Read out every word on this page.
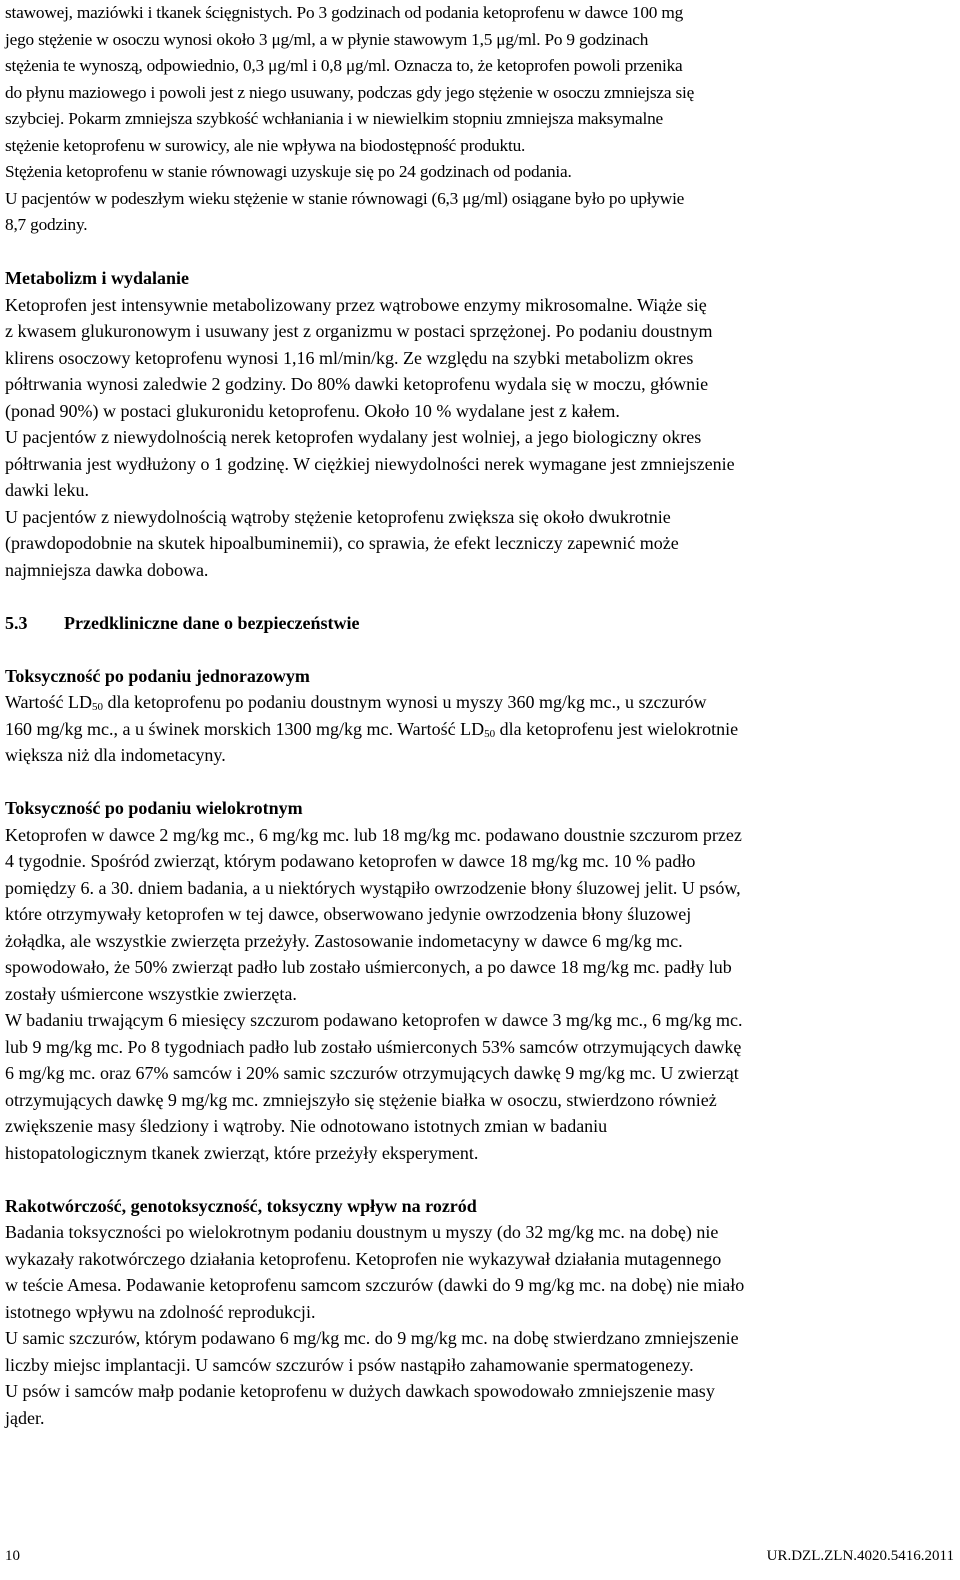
stawowej, maziówki i tkanek ścięgnistych. Po 3 godzinach od podania ketoprofenu w dawce 100 mg
jego stężenie w osoczu wynosi około 3 μg/ml, a w płynie stawowym 1,5 μg/ml. Po 9 godzinach
stężenia te wynoszą, odpowiednio, 0,3 μg/ml i 0,8 μg/ml. Oznacza to, że ketoprofen powoli przenika
do płynu maziowego i powoli jest z niego usuwany, podczas gdy jego stężenie w osoczu zmniejsza się
szybciej. Pokarm zmniejsza szybkość wchłaniania i w niewielkim stopniu zmniejsza maksymalne
stężenie ketoprofenu w surowicy, ale nie wpływa na biodostępność produktu.
Stężenia ketoprofenu w stanie równowagi uzyskuje się po 24 godzinach od podania.
U pacjentów w podeszłym wieku stężenie w stanie równowagi (6,3 μg/ml) osiągane było po upływie
8,7 godziny.
Metabolizm i wydalanie
Ketoprofen jest intensywnie metabolizowany przez wątrobowe enzymy mikrosomalne. Wiąże się
z kwasem glukuronowym i usuwany jest z organizmu w postaci sprzężonej. Po podaniu doustnym
klirens osoczowy ketoprofenu wynosi 1,16 ml/min/kg. Ze względu na szybki metabolizm okres
półtrwania wynosi zaledwie 2 godziny. Do 80% dawki ketoprofenu wydala się w moczu, głównie
(ponad 90%) w postaci glukuronidu ketoprofenu. Około 10 % wydalane jest z kałem.
U pacjentów z niewydolnością nerek ketoprofen wydalany jest wolniej, a jego biologiczny okres
półtrwania jest wydłużony o 1 godzinę. W ciężkiej niewydolności nerek wymagane jest zmniejszenie
dawki leku.
U pacjentów z niewydolnością wątroby stężenie ketoprofenu zwiększa się około dwukrotnie
(prawdopodobnie na skutek hipoalbuminemii), co sprawia, że efekt leczniczy zapewnić może
najmniejsza dawka dobowa.
5.3 Przedkliniczne dane o bezpieczeństwie
Toksyczność po podaniu jednorazowym
Wartość $LD_{50}$ dla ketoprofenu po podaniu doustnym wynosi u myszy 360 mg/kg mc., u szczurów
160 mg/kg mc., a u świnek morskich 1300 mg/kg mc. Wartość $LD_{50}$ dla ketoprofenu jest wielokrotnie
większa niż dla indometacyny.
Toksyczność po podaniu wielokrotnym
Ketoprofen w dawce 2 mg/kg mc., 6 mg/kg mc. lub 18 mg/kg mc. podawano doustnie szczurom przez
4 tygodnie. Spośród zwierząt, którym podawano ketoprofen w dawce 18 mg/kg mc. 10 % padło
pomiędzy 6. a 30. dniem badania, a u niektórych wystąpiło owrzodzenie błony śluzowej jelit. U psów,
które otrzymywały ketoprofen w tej dawce, obserwowano jedynie owrzodzenia błony śluzowej
żołądka, ale wszystkie zwierzęta przeżyły. Zastosowanie indometacyny w dawce 6 mg/kg mc.
spowodowało, że 50% zwierząt padło lub zostało uśmierconych, a po dawce 18 mg/kg mc. padły lub
zostały uśmiercone wszystkie zwierzęta.
W badaniu trwającym 6 miesięcy szczurom podawano ketoprofen w dawce 3 mg/kg mc., 6 mg/kg mc.
lub 9 mg/kg mc. Po 8 tygodniach padło lub zostało uśmierconych 53% samców otrzymujących dawkę
6 mg/kg mc. oraz 67% samców i 20% samic szczurów otrzymujących dawkę 9 mg/kg mc. U zwierząt
otrzymujących dawkę 9 mg/kg mc. zmniejszyło się stężenie białka w osoczu, stwierdzono również
zwiększenie masy śledziony i wątroby. Nie odnotowano istotnych zmian w badaniu
histopatologicznym tkanek zwierząt, które przeżyły eksperyment.
Rakotwórczość, genotoksyczność, toksyczny wpływ na rozród
Badania toksyczności po wielokrotnym podaniu doustnym u myszy (do 32 mg/kg mc. na dobę) nie
wykazały rakotwórczego działania ketoprofenu. Ketoprofen nie wykazywał działania mutagennego
w teście Amesa. Podawanie ketoprofenu samcom szczurów (dawki do 9 mg/kg mc. na dobę) nie miało
istotnego wpływu na zdolność reprodukcji.
U samic szczurów, którym podawano 6 mg/kg mc. do 9 mg/kg mc. na dobę stwierdzano zmniejszenie
liczby miejsc implantacji. U samców szczurów i psów nastąpiło zahamowanie spermatogenezy.
U psów i samców małp podanie ketoprofenu w dużych dawkach spowodowało zmniejszenie masy
jąder.
10	UR.DZL.ZLN.4020.5416.2011
